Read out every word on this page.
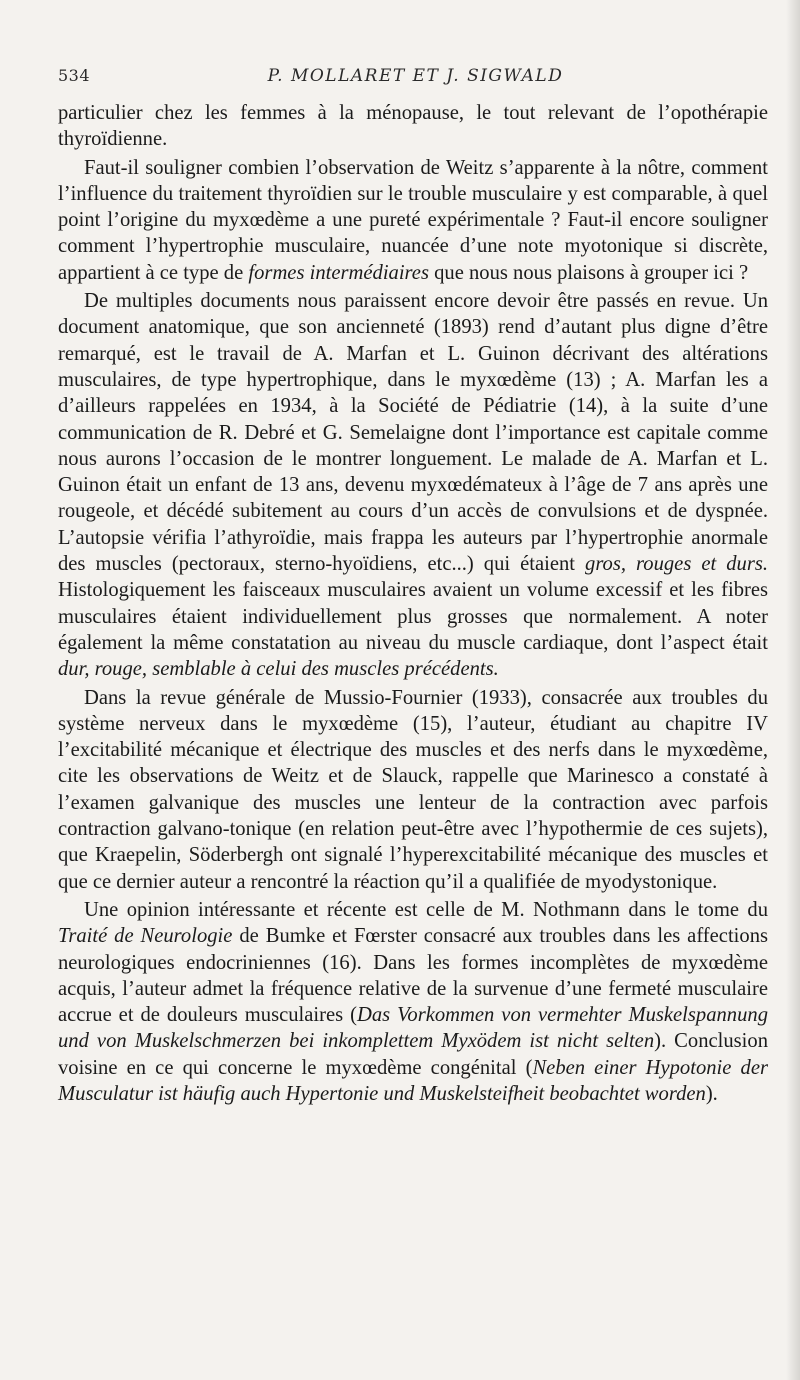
534	P. MOLLARET ET J. SIGWALD

particulier chez les femmes à la ménopause, le tout relevant de l’opothérapie thyroïdienne.

Faut-il souligner combien l’observation de Weitz s’apparente à la nôtre, comment l’influence du traitement thyroïdien sur le trouble musculaire y est comparable, à quel point l’origine du myxœdème a une pureté expérimentale ? Faut-il encore souligner comment l’hypertrophie musculaire, nuancée d’une note myotonique si discrète, appartient à ce type de formes intermédiaires que nous nous plaisons à grouper ici ?

De multiples documents nous paraissent encore devoir être passés en revue. Un document anatomique, que son ancienneté (1893) rend d’autant plus digne d’être remarqué, est le travail de A. Marfan et L. Guinon décrivant des altérations musculaires, de type hypertrophique, dans le myxœdème (13) ; A. Marfan les a d’ailleurs rappelées en 1934, à la Société de Pédiatrie (14), à la suite d’une communication de R. Debré et G. Semelaigne dont l’importance est capitale comme nous aurons l’occasion de le montrer longuement. Le malade de A. Marfan et L. Guinon était un enfant de 13 ans, devenu myxœdémateux à l’âge de 7 ans après une rougeole, et décédé subitement au cours d’un accès de convulsions et de dyspnée. L’autopsie vérifia l’athyroïdie, mais frappa les auteurs par l’hypertrophie anormale des muscles (pectoraux, sterno-hyoïdiens, etc...) qui étaient gros, rouges et durs. Histologiquement les faisceaux musculaires avaient un volume excessif et les fibres musculaires étaient individuellement plus grosses que normalement. A noter également la même constatation au niveau du muscle cardiaque, dont l’aspect était dur, rouge, semblable à celui des muscles précédents.

Dans la revue générale de Mussio-Fournier (1933), consacrée aux troubles du système nerveux dans le myxœdème (15), l’auteur, étudiant au chapitre IV l’excitabilité mécanique et électrique des muscles et des nerfs dans le myxœdème, cite les observations de Weitz et de Slauck, rappelle que Marinesco a constaté à l’examen galvanique des muscles une lenteur de la contraction avec parfois contraction galvano-tonique (en relation peut-être avec l’hypothermie de ces sujets), que Kraepelin, Söderbergh ont signalé l’hyperexcitabilité mécanique des muscles et que ce dernier auteur a rencontré la réaction qu’il a qualifiée de myodystonique.

Une opinion intéressante et récente est celle de M. Nothmann dans le tome du Traité de Neurologie de Bumke et Fœrster consacré aux troubles dans les affections neurologiques endocriniennes (16). Dans les formes incomplètes de myxœdème acquis, l’auteur admet la fréquence relative de la survenue d’une fermeté musculaire accrue et de douleurs musculaires (Das Vorkommen von vermehter Muskelspannung und von Muskelschmerzen bei inkomplettem Myxödem ist nicht selten). Conclusion voisine en ce qui concerne le myxœdème congénital (Neben einer Hypotonie der Musculatur ist häufig auch Hypertonie und Muskelsteifheit beobachtet worden).
